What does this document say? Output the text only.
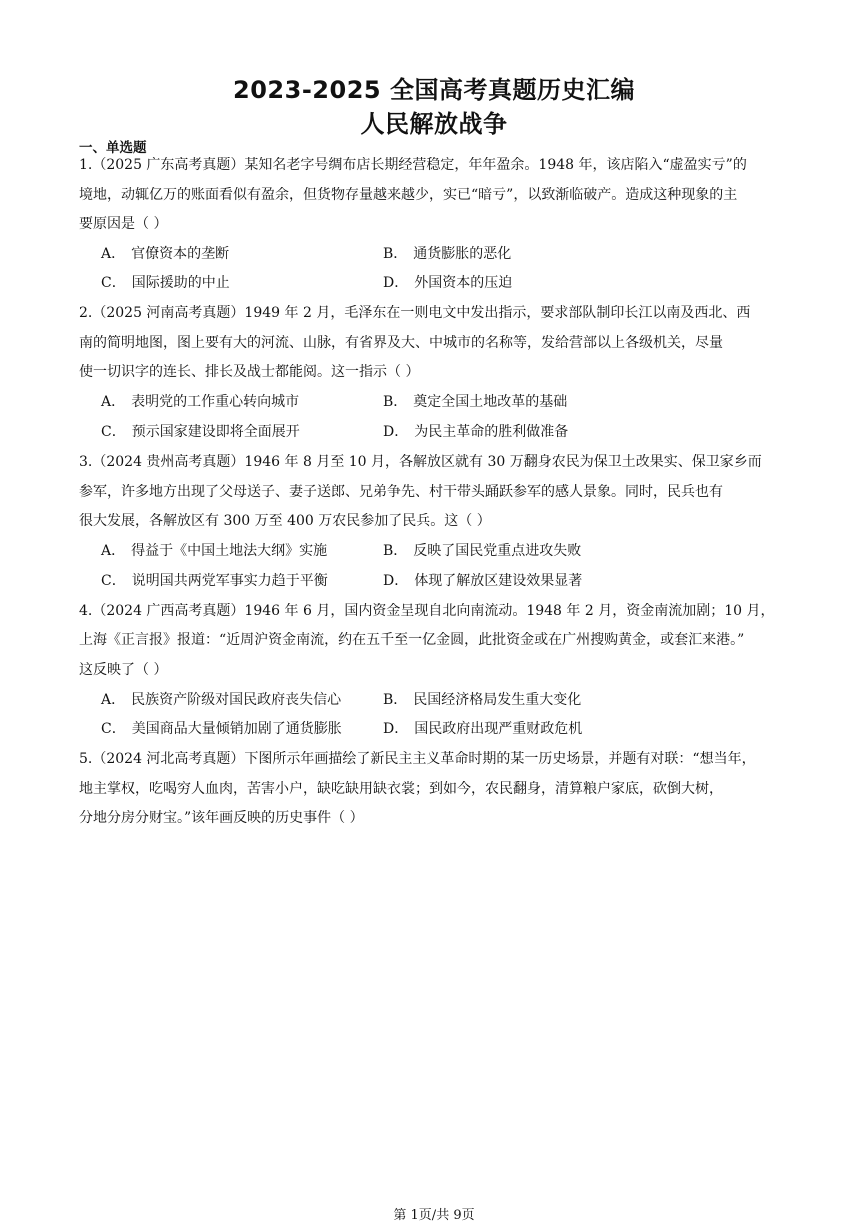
2023-2025 全国高考真题历史汇编
人民解放战争
一、单选题
1.（2025 广东高考真题）某知名老字号绸布店长期经营稳定，年年盈余。1948 年，该店陷入“虚盈实亏”的
境地，动辄亿万的账面看似有盈余，但货物存量越来越少，实已“暗亏”，以致渐临破产。造成这种现象的主
要原因是（ ）
A． 官僚资本的垄断	B． 通货膨胀的恶化
C． 国际援助的中止	D． 外国资本的压迫
2.（2025 河南高考真题）1949 年 2 月，毛泽东在一则电文中发出指示，要求部队制印长江以南及西北、西
南的简明地图，图上要有大的河流、山脉，有省界及大、中城市的名称等，发给营部以上各级机关，尽量
使一切识字的连长、排长及战士都能阅。这一指示（ ）
A． 表明党的工作重心转向城市	B． 奠定全国土地改革的基础
C． 预示国家建设即将全面展开	D． 为民主革命的胜利做准备
3.（2024 贵州高考真题）1946 年 8 月至 10 月，各解放区就有 30 万翻身农民为保卫土改果实、保卫家乡而
参军，许多地方出现了父母送子、妻子送郎、兄弟争先、村干带头踊跃参军的感人景象。同时，民兵也有
很大发展，各解放区有 300 万至 400 万农民参加了民兵。这（ ）
A． 得益于《中国土地法大纲》实施	B． 反映了国民党重点进攻失败
C． 说明国共两党军事实力趋于平衡	D． 体现了解放区建设效果显著
4.（2024 广西高考真题）1946 年 6 月，国内资金呈现自北向南流动。1948 年 2 月，资金南流加剧；10 月，
上海《正言报》报道：“近周沪资金南流，约在五千至一亿金圆，此批资金或在广州搜购黄金，或套汇来港。”
这反映了（ ）
A． 民族资产阶级对国民政府丧失信心	B． 民国经济格局发生重大变化
C． 美国商品大量倾销加剧了通货膨胀	D． 国民政府出现严重财政危机
5.（2024 河北高考真题）下图所示年画描绘了新民主主义革命时期的某一历史场景，并题有对联：“想当年，
地主掌权，吃喝穷人血肉，苦害小户，缺吃缺用缺衣裳；到如今，农民翻身，清算粮户家底，砍倒大树，
分地分房分财宝。”该年画反映的历史事件（ ）
第 1页/共 9页
